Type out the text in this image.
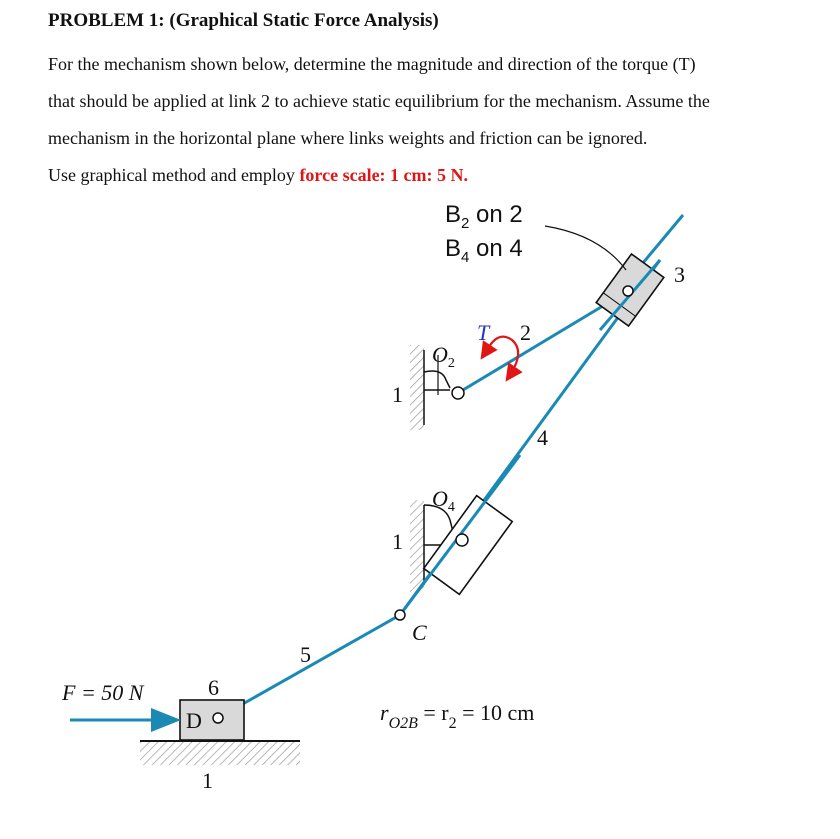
PROBLEM 1: (Graphical Static Force Analysis)

For the mechanism shown below, determine the magnitude and direction of the torque (T)

that should be applied at link 2 to achieve static equilibrium for the mechanism. Assume the

mechanism in the horizontal plane where links weights and friction can be ignored.

Use graphical method and employ force scale: 1 cm: 5 N.

$B_2$ on 2
$B_4$ on 4
3
T 2
$O_2$
1
4
$O_4$
1
C
5
F = 50 N	6
D
1
$r_{O2B} = r_2 = 10$ cm
